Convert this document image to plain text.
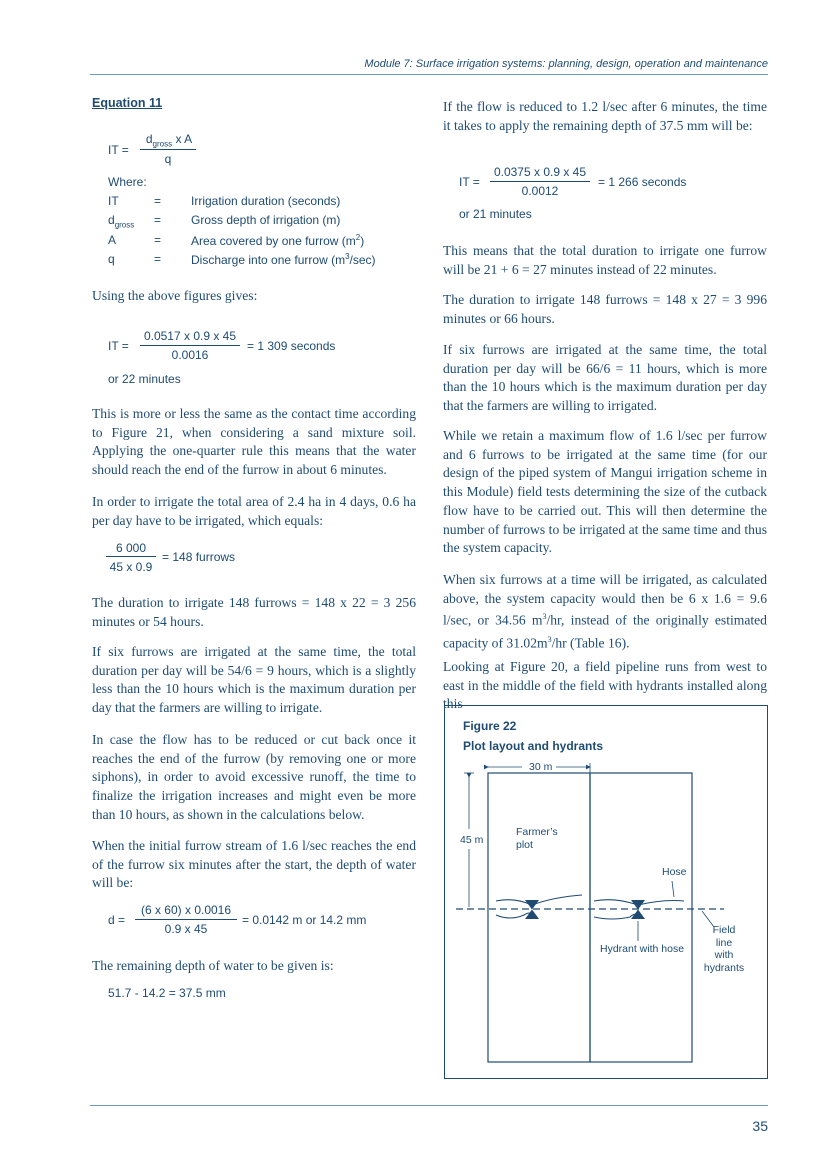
Module 7: Surface irrigation systems: planning, design, operation and maintenance
Equation 11
IT =
$d_{gross}$ x A
q
Where:
IT	= Irrigation duration (seconds)
$d_{gross}$ = Gross depth of irrigation (m)
A	= Area covered by one furrow $(m^2)$
q	= Discharge into one furrow $(m^3/\sec)$
Using the above figures gives:
IT =
0.0517 x 0.9 x 45
0.0016
= 1 309 seconds
or 22 minutes
This is more or less the same as the contact time according to Figure 21, when considering a sand mixture soil. Applying the one-quarter rule this means that the water should reach the end of the furrow in about 6 minutes.
In order to irrigate the total area of 2.4 ha in 4 days, 0.6 ha per day have to be irrigated, which equals:
6 000
45 x 0.9
= 148 furrows
The duration to irrigate 148 furrows = 148 x 22 = 3 256 minutes or 54 hours.
If six furrows are irrigated at the same time, the total duration per day will be 54/6 = 9 hours, which is a slightly less than the 10 hours which is the maximum duration per day that the farmers are willing to irrigate.
In case the flow has to be reduced or cut back once it reaches the end of the furrow (by removing one or more siphons), in order to avoid excessive runoff, the time to finalize the irrigation increases and might even be more than 10 hours, as shown in the calculations below.
When the initial furrow stream of 1.6 l/sec reaches the end of the furrow six minutes after the start, the depth of water will be:
d =
(6 x 60) x 0.0016
0.9 x 45
= 0.0142 m or 14.2 mm
The remaining depth of water to be given is:
51.7 - 14.2 = 37.5 mm
If the flow is reduced to 1.2 l/sec after 6 minutes, the time it takes to apply the remaining depth of 37.5 mm will be:
IT =
0.0375 x 0.9 x 45
0.0012
= 1 266 seconds
or 21 minutes
This means that the total duration to irrigate one furrow will be 21 + 6 = 27 minutes instead of 22 minutes.
The duration to irrigate 148 furrows = 148 x 27 = 3 996 minutes or 66 hours.
If six furrows are irrigated at the same time, the total duration per day will be 66/6 = 11 hours, which is more than the 10 hours which is the maximum duration per day that the farmers are willing to irrigated.
While we retain a maximum flow of 1.6 l/sec per furrow and 6 furrows to be irrigated at the same time (for our design of the piped system of Mangui irrigation scheme in this Module) field tests determining the size of the cutback flow have to be carried out. This will then determine the number of furrows to be irrigated at the same time and thus the system capacity.
When six furrows at a time will be irrigated, as calculated above, the system capacity would then be 6 x 1.6 = 9.6 l/sec, or 34.56 $m^3/hr$, instead of the originally estimated capacity of $31.02m^3/hr$ (Table 16).
Looking at Figure 20, a field pipeline runs from west to east in the middle of the field with hydrants installed along this
Figure 22
Plot layout and hydrants
30 m
45 m
Farmer’s
plot
Hose
Hydrant with hose
Field
line
with
hydrants
35
